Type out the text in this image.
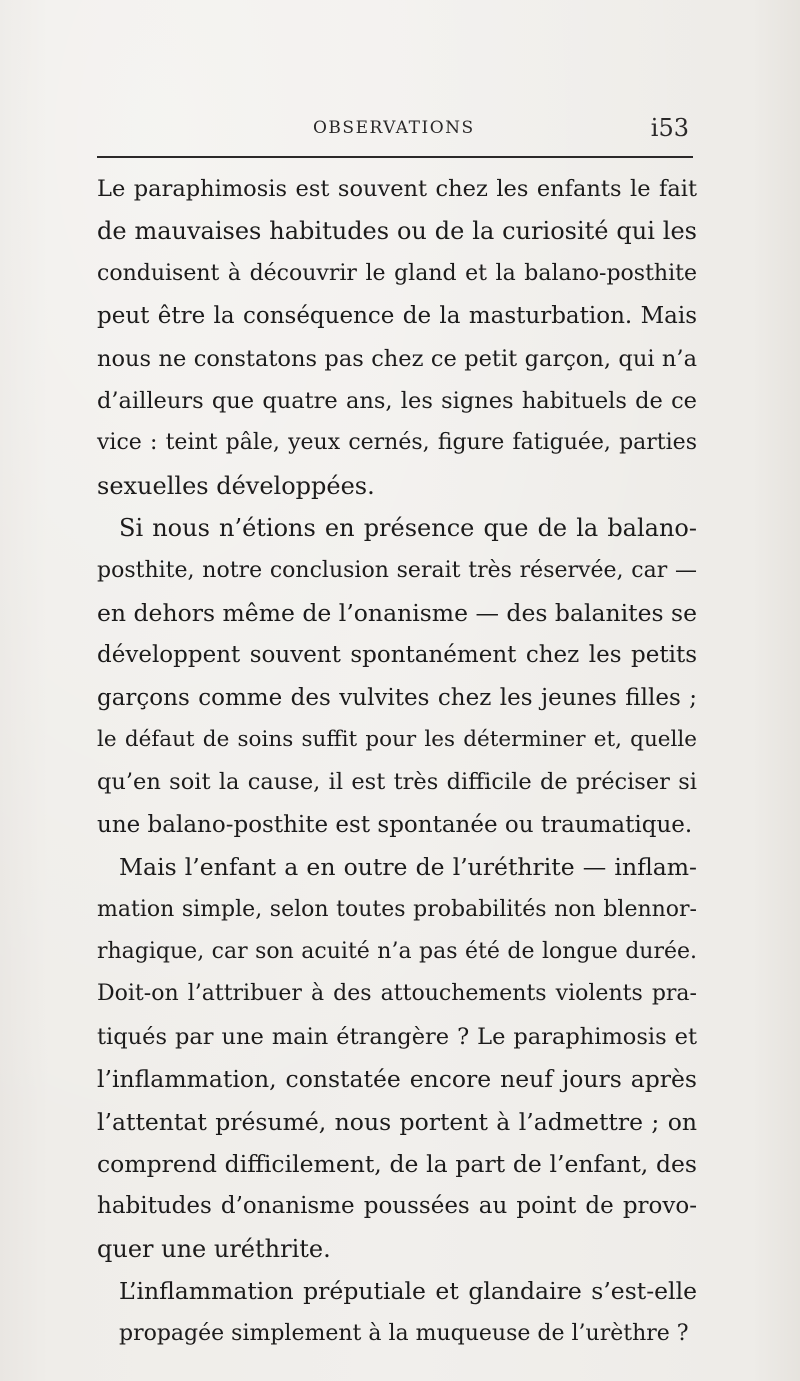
OBSERVATIONS	i53
Le paraphimosis est souvent chez les enfants le fait
de mauvaises habitudes ou de la curiosité qui les
conduisent à découvrir le gland et la balano-posthite
peut être la conséquence de la masturbation. Mais
nous ne constatons pas chez ce petit garçon, qui n’a
d’ailleurs que quatre ans, les signes habituels de ce
vice : teint pâle, yeux cernés, figure fatiguée, parties
sexuelles développées.
Si nous n’étions en présence que de la balano-
posthite, notre conclusion serait très réservée, car —
en dehors même de l’onanisme — des balanites se
développent souvent spontanément chez les petits
garçons comme des vulvites chez les jeunes filles ;
le défaut de soins suffit pour les déterminer et, quelle
qu’en soit la cause, il est très difficile de préciser si
une balano-posthite est spontanée ou traumatique.
Mais l’enfant a en outre de l’uréthrite — inflam-
mation simple, selon toutes probabilités non blennor-
rhagique, car son acuité n’a pas été de longue durée.
Doit-on l’attribuer à des attouchements violents pra-
tiqués par une main étrangère ? Le paraphimosis et
l’inflammation, constatée encore neuf jours après
l’attentat présumé, nous portent à l’admettre ; on
comprend difficilement, de la part de l’enfant, des
habitudes d’onanisme poussées au point de provo-
quer une uréthrite.
L’inflammation préputiale et glandaire s’est-elle
propagée simplement à la muqueuse de l’urèthre ?
